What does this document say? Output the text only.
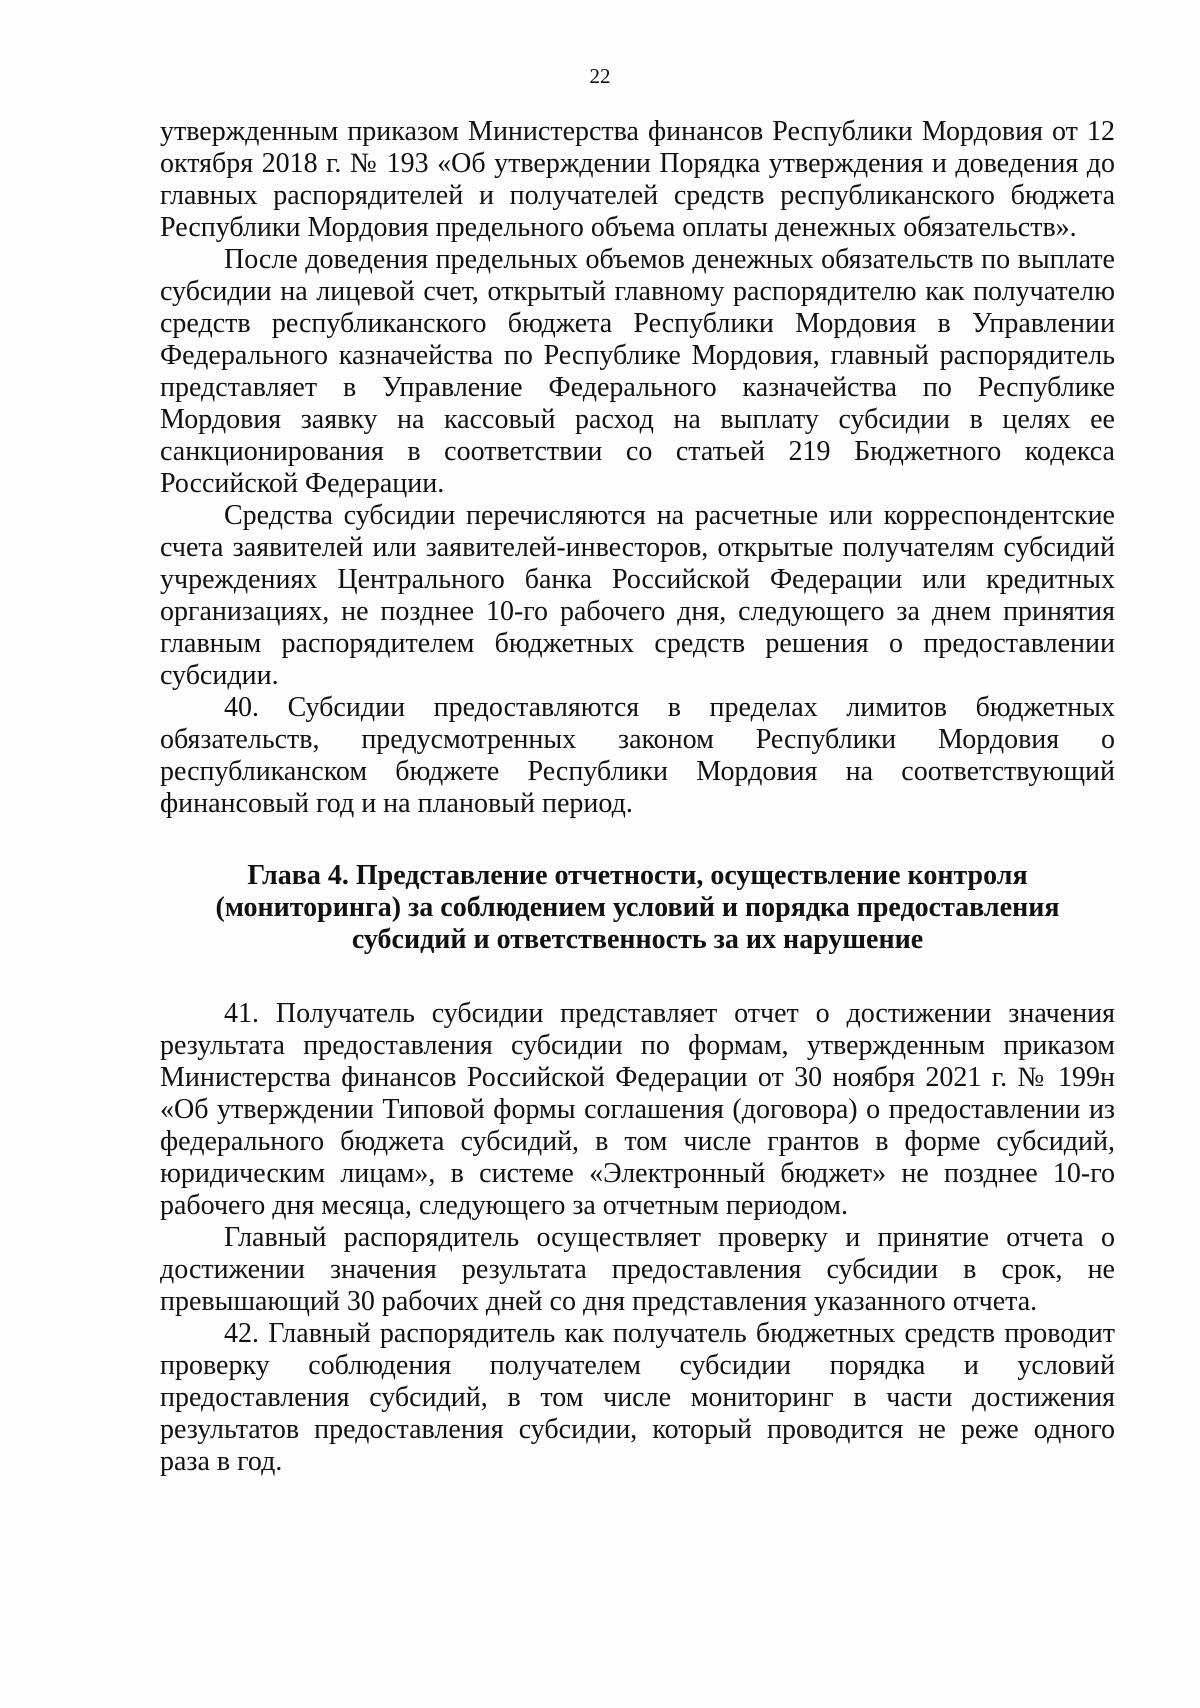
22

утвержденным приказом Министерства финансов Республики Мордовия от 12 октября 2018 г. № 193 «Об утверждении Порядка утверждения и доведения до главных распорядителей и получателей средств республиканского бюджета Республики Мордовия предельного объема оплаты денежных обязательств».

После доведения предельных объемов денежных обязательств по выплате субсидии на лицевой счет, открытый главному распорядителю как получателю средств республиканского бюджета Республики Мордовия в Управлении Федерального казначейства по Республике Мордовия, главный распорядитель представляет в Управление Федерального казначейства по Республике Мордовия заявку на кассовый расход на выплату субсидии в целях ее санкционирования в соответствии со статьей 219 Бюджетного кодекса Российской Федерации.

Средства субсидии перечисляются на расчетные или корреспондентские счета заявителей или заявителей-инвесторов, открытые получателям субсидий учреждениях Центрального банка Российской Федерации или кредитных организациях, не позднее 10-го рабочего дня, следующего за днем принятия главным распорядителем бюджетных средств решения о предоставлении субсидии.

40. Субсидии предоставляются в пределах лимитов бюджетных обязательств, предусмотренных законом Республики Мордовия о республиканском бюджете Республики Мордовия на соответствующий финансовый год и на плановый период.

Глава 4. Представление отчетности, осуществление контроля
(мониторинга) за соблюдением условий и порядка предоставления
субсидий и ответственность за их нарушение

41. Получатель субсидии представляет отчет о достижении значения результата предоставления субсидии по формам, утвержденным приказом Министерства финансов Российской Федерации от 30 ноября 2021 г. № 199н «Об утверждении Типовой формы соглашения (договора) о предоставлении из федерального бюджета субсидий, в том числе грантов в форме субсидий, юридическим лицам», в системе «Электронный бюджет» не позднее 10-го рабочего дня месяца, следующего за отчетным периодом.

Главный распорядитель осуществляет проверку и принятие отчета о достижении значения результата предоставления субсидии в срок, не превышающий 30 рабочих дней со дня представления указанного отчета.

42. Главный распорядитель как получатель бюджетных средств проводит проверку соблюдения получателем субсидии порядка и условий предоставления субсидий, в том числе мониторинг в части достижения результатов предоставления субсидии, который проводится не реже одного раза в год.
